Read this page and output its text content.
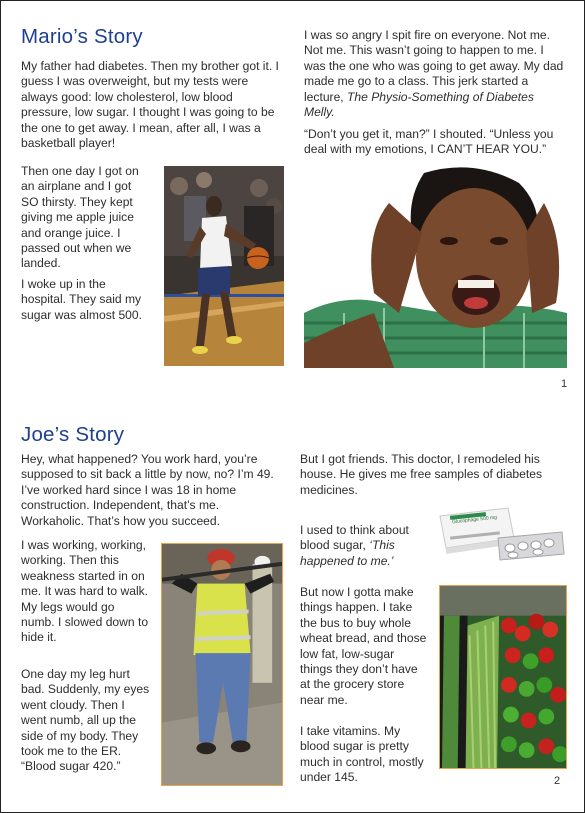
Mario’s Story
My father had diabetes. Then my brother got it. I guess I was overweight, but my tests were always good: low cholesterol, low blood pressure, low sugar. I thought I was going to be the one to get away. I mean, after all, I was a basketball player!
Then one day I got on an airplane and I got SO thirsty. They kept giving me apple juice and orange juice. I passed out when we landed.
I woke up in the hospital. They said my sugar was almost 500.
I was so angry I spit fire on everyone. Not me. Not me. This wasn’t going to happen to me. I was the one who was going to get away. My dad made me go to a class. This jerk started a lecture, The Physio-Something of Diabetes Melly.
“Don’t you get it, man?” I shouted. “Unless you deal with my emotions, I CAN’T HEAR YOU.”
1
Joe’s Story
Hey, what happened? You work hard, you’re supposed to sit back a little by now, no? I’m 49. I’ve worked hard since I was 18 in home construction. Independent, that’s me. Workaholic. That’s how you succeed.
I was working, working, working. Then this weakness started in on me. It was hard to walk. My legs would go numb. I slowed down to hide it.
One day my leg hurt bad. Suddenly, my eyes went cloudy. Then I went numb, all up the side of my body. They took me to the ER. “Blood sugar 420.”
But I got friends. This doctor, I remodeled his house. He gives me free samples of diabetes medicines.
I used to think about blood sugar, ‘This happened to me.’
Glucophage 500 mg
But now I gotta make things happen. I take the bus to buy whole wheat bread, and those low fat, low-sugar things they don’t have at the grocery store near me.
I take vitamins. My blood sugar is pretty much in control, mostly under 145.	2
